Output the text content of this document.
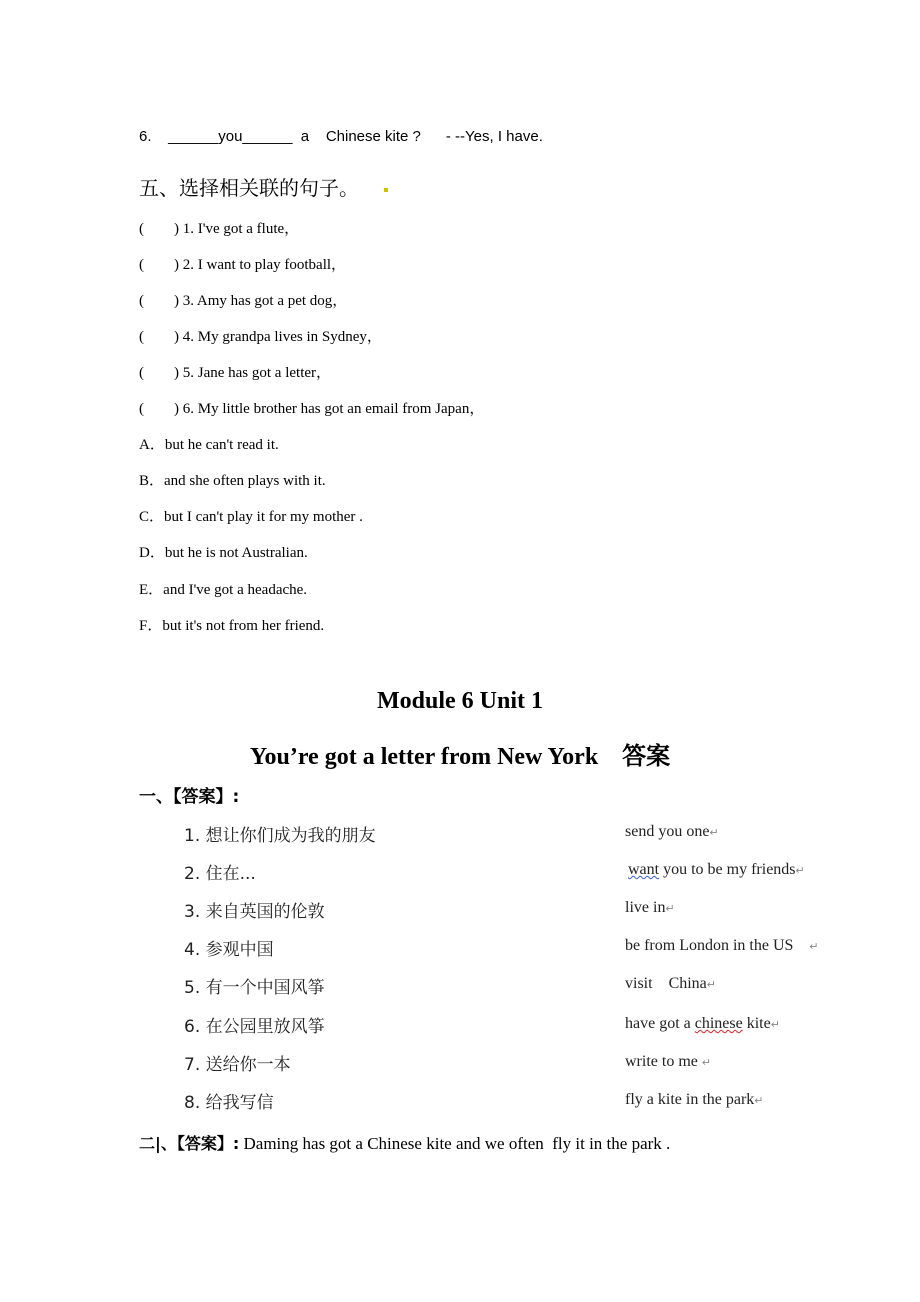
6.    ______you______  a    Chinese kite ?      - --Yes, I have.
五、选择相关联的句子。
(        ) 1. I've got a flute，
(        ) 2. I want to play football，
(        ) 3. Amy has got a pet dog，
(        ) 4. My grandpa lives in Sydney，
(        ) 5. Jane has got a letter，
(        ) 6. My little brother has got an email from Japan，
A．but he can't read it.
B．and she often plays with it.
C．but I can't play it for my mother .
D．but he is not Australian.
E．and I've got a headache.
F．but it's not from her friend.
Module 6 Unit 1
You’re got a letter from New York    答案
一、【答案】:
1. 想让你们成为我的朋友
2. 住在...
3. 来自英国的伦敦
4. 参观中国
5. 有一个中国风筝
6. 在公园里放风筝
7. 送给你一本
8. 给我写信
send you one↵
want you to be my friends↵
live in↵
be from London in the US ↵
visit    China↵
have got a chinese kite↵
write to me ↵
fly a kite in the park↵
二|、【答案】: Daming has got a Chinese kite and we often  fly it in the park .
